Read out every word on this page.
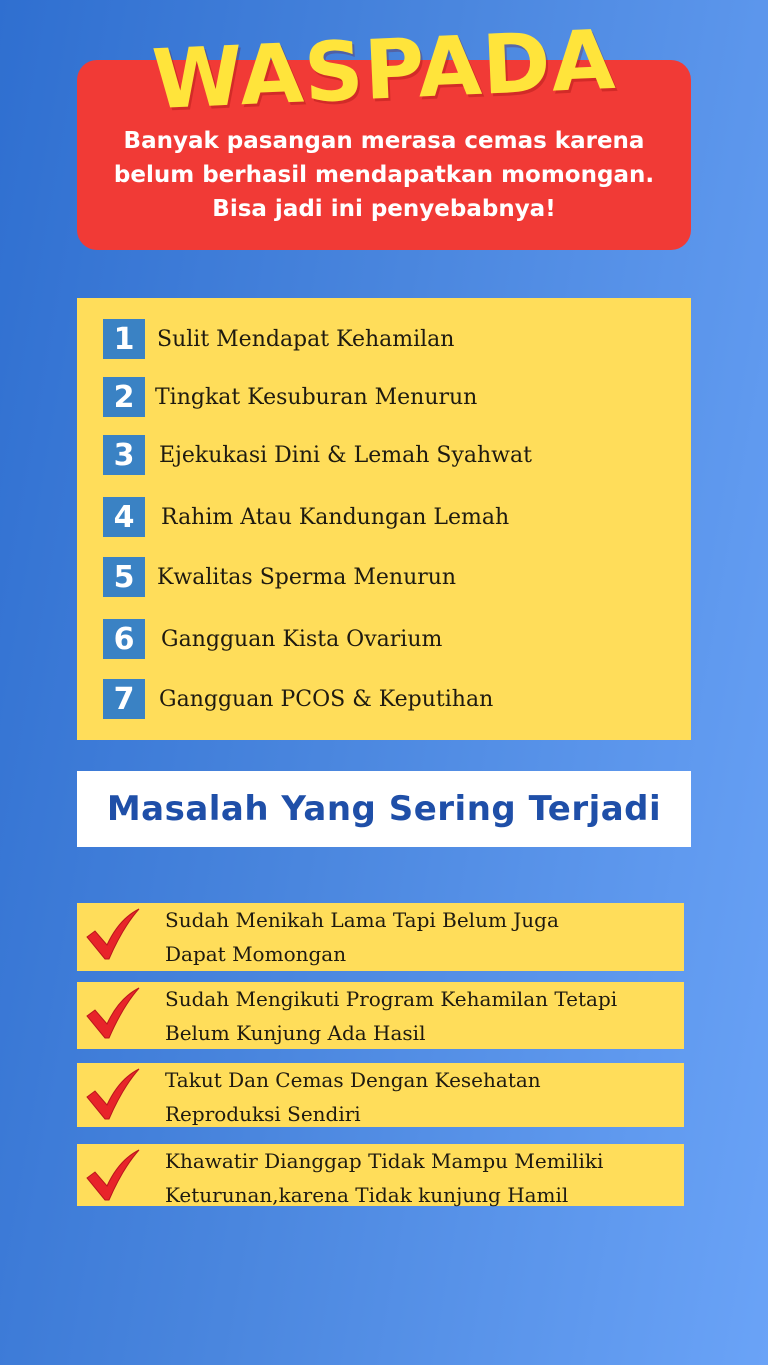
WASPADA
Banyak pasangan merasa cemas karena
belum berhasil mendapatkan momongan.
Bisa jadi ini penyebabnya!
1	Sulit Mendapat Kehamilan
2 Tingkat Kesuburan Menurun
3	Ejekukasi Dini & Lemah Syahwat
4	Rahim Atau Kandungan Lemah
5	Kwalitas Sperma Menurun
6	Gangguan Kista Ovarium
7	Gangguan PCOS & Keputihan
Masalah Yang Sering Terjadi
Sudah Menikah Lama Tapi Belum Juga
Dapat Momongan
Sudah Mengikuti Program Kehamilan Tetapi
Belum Kunjung Ada Hasil
Takut Dan Cemas Dengan Kesehatan
Reproduksi Sendiri
Khawatir Dianggap Tidak Mampu Memiliki
Keturunan,karena Tidak kunjung Hamil
